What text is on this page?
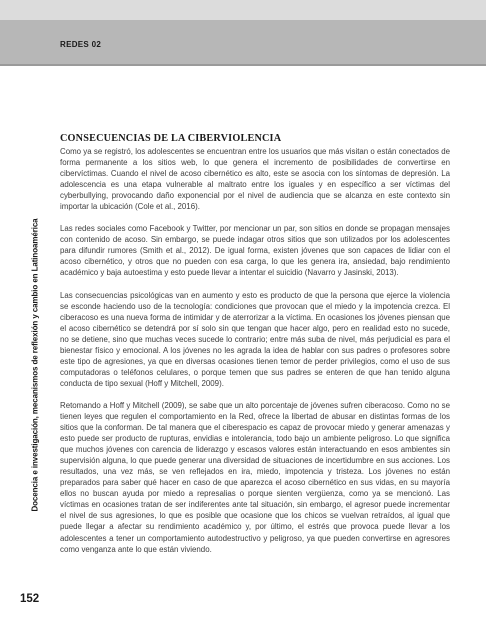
REDES 02
Docencia e investigación, mecanismos de reflexión y cambio en Latinoamérica
CONSECUENCIAS DE LA CIBERVIOLENCIA

Como ya se registró, los adolescentes se encuentran entre los usuarios que más visitan o están conectados de forma permanente a los sitios web, lo que genera el incremento de posibilidades de convertirse en cibervíctimas. Cuando el nivel de acoso cibernético es alto, este se asocia con los síntomas de depresión. La adolescencia es una etapa vulnerable al maltrato entre los iguales y en específico a ser víctimas del cyberbullying, provocando daño exponencial por el nivel de audiencia que se alcanza en este contexto sin importar la ubicación (Cole et al., 2016).

Las redes sociales como Facebook y Twitter, por mencionar un par, son sitios en donde se propagan mensajes con contenido de acoso. Sin embargo, se puede indagar otros sitios que son utilizados por los adolescentes para difundir rumores (Smith et al., 2012). De igual forma, existen jóvenes que son capaces de lidiar con el acoso cibernético, y otros que no pueden con esa carga, lo que les genera ira, ansiedad, bajo rendimiento académico y baja autoestima y esto puede llevar a intentar el suicidio (Navarro y Jasinski, 2013).

Las consecuencias psicológicas van en aumento y esto es producto de que la persona que ejerce la violencia se esconde haciendo uso de la tecnología: condiciones que provocan que el miedo y la impotencia crezca. El ciberacoso es una nueva forma de intimidar y de aterrorizar a la víctima. En ocasiones los jóvenes piensan que el acoso cibernético se detendrá por sí solo sin que tengan que hacer algo, pero en realidad esto no sucede, no se detiene, sino que muchas veces sucede lo contrario; entre más suba de nivel, más perjudicial es para el bienestar físico y emocional. A los jóvenes no les agrada la idea de hablar con sus padres o profesores sobre este tipo de agresiones, ya que en diversas ocasiones tienen temor de perder privilegios, como el uso de sus computadoras o teléfonos celulares, o porque temen que sus padres se enteren de que han tenido alguna conducta de tipo sexual (Hoff y Mitchell, 2009).

Retomando a Hoff y Mitchell (2009), se sabe que un alto porcentaje de jóvenes sufren ciberacoso. Como no se tienen leyes que regulen el comportamiento en la Red, ofrece la libertad de abusar en distintas formas de los sitios que la conforman. De tal manera que el ciberespacio es capaz de provocar miedo y generar amenazas y esto puede ser producto de rupturas, envidias e intolerancia, todo bajo un ambiente peligroso. Lo que significa que muchos jóvenes con carencia de liderazgo y escasos valores están interactuando en esos ambientes sin supervisión alguna, lo que puede generar una diversidad de situaciones de incertidumbre en sus acciones. Los resultados, una vez más, se ven reflejados en ira, miedo, impotencia y tristeza. Los jóvenes no están preparados para saber qué hacer en caso de que aparezca el acoso cibernético en sus vidas, en su mayoría ellos no buscan ayuda por miedo a represalias o porque sienten vergüenza, como ya se mencionó. Las víctimas en ocasiones tratan de ser indiferentes ante tal situación, sin embargo, el agresor puede incrementar el nivel de sus agresiones, lo que es posible que ocasione que los chicos se vuelvan retraídos, al igual que puede llegar a afectar su rendimiento académico y, por último, el estrés que provoca puede llevar a los adolescentes a tener un comportamiento autodestructivo y peligroso, ya que pueden convertirse en agresores como venganza ante lo que están viviendo.

152
